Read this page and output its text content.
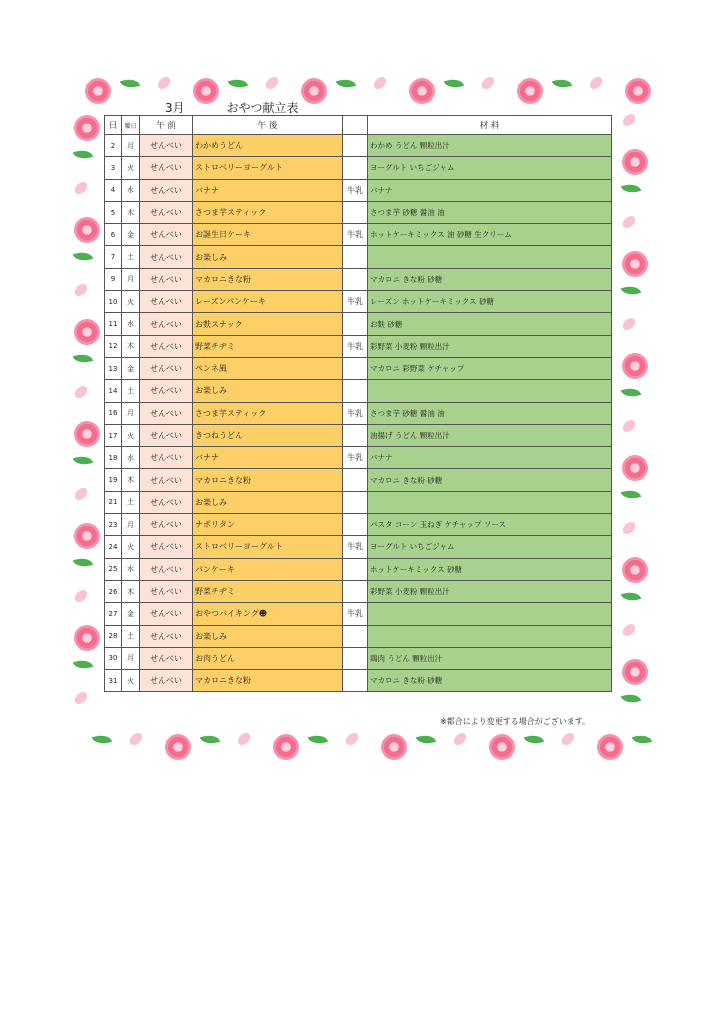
3月	おやつ献立表
日	曜日	午 前	午 後		材 料
2	月	せんべい	わかめうどん		わかめ うどん 顆粒出汁
3	火	せんべい	ストロベリーヨーグルト		ヨーグルト いちごジャム
4	水	せんべい	バナナ	牛乳	バナナ
5	木	せんべい	さつま芋スティック		さつま芋 砂糖 醤油 油
6	金	せんべい	お誕生日ケーキ	牛乳	ホットケーキミックス 油 砂糖 生クリーム
7	土	せんべい	お楽しみ		
9	月	せんべい	マカロニきな粉		マカロニ きな粉 砂糖
10	火	せんべい	レーズンパンケーキ	牛乳	レーズン ホットケーキミックス 砂糖
11	水	せんべい	お麩スナック		お麩 砂糖
12	木	せんべい	野菜チヂミ	牛乳	彩野菜 小麦粉 顆粒出汁
13	金	せんべい	ペンネ風		マカロニ 彩野菜 ケチャップ
14	土	せんべい	お楽しみ		
16	月	せんべい	さつま芋スティック	牛乳	さつま芋 砂糖 醤油 油
17	火	せんべい	きつねうどん		油揚げ うどん 顆粒出汁
18	水	せんべい	バナナ	牛乳	バナナ
19	木	せんべい	マカロニきな粉		マカロニ きな粉 砂糖
21	土	せんべい	お楽しみ		
23	月	せんべい	ナポリタン		パスタ コーン 玉ねぎ ケチャップ ソース
24	火	せんべい	ストロベリーヨーグルト	牛乳	ヨーグルト いちごジャム
25	水	せんべい	パンケーキ		ホットケーキミックス 砂糖
26	木	せんべい	野菜チヂミ		彩野菜 小麦粉 顆粒出汁
27	金	せんべい	おやつバイキング☻	牛乳	
28	土	せんべい	お楽しみ		
30	月	せんべい	お肉うどん		鶏肉 うどん 顆粒出汁
31	火	せんべい	マカロニきな粉		マカロニ きな粉 砂糖
※都合により変更する場合がございます。
